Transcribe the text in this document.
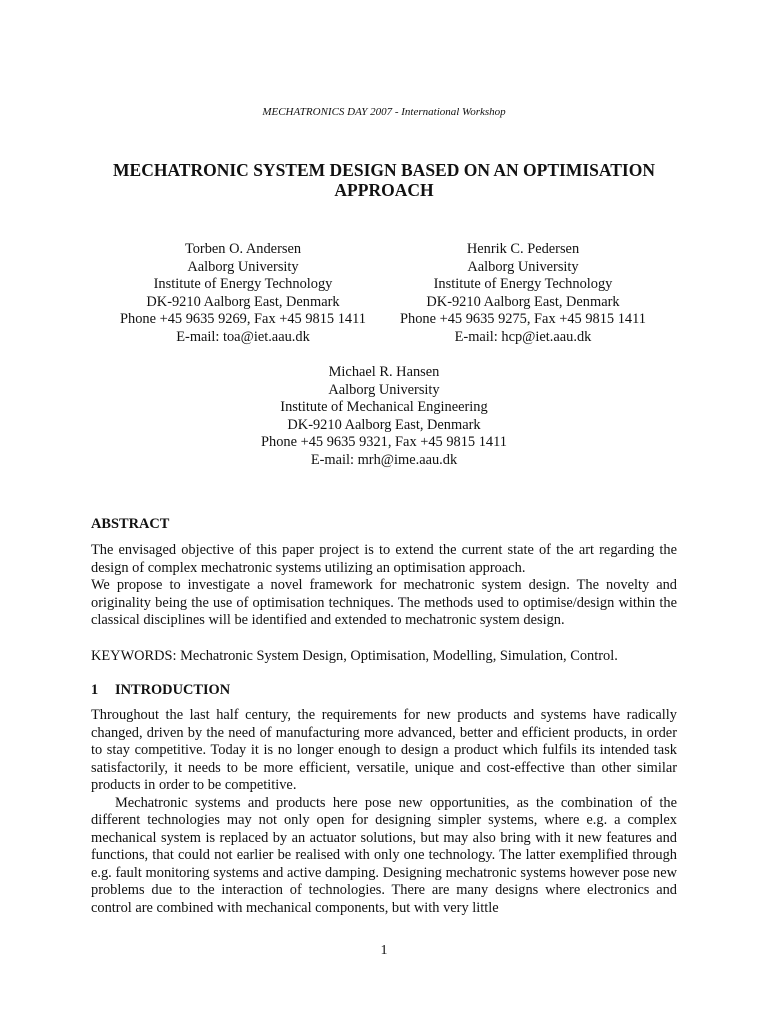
MECHATRONICS DAY 2007 - International Workshop
MECHATRONIC SYSTEM DESIGN BASED ON AN OPTIMISATION
APPROACH
Torben O. Andersen
Aalborg University
Institute of Energy Technology
DK-9210 Aalborg East, Denmark
Phone +45 9635 9269, Fax +45 9815 1411
E-mail: toa@iet.aau.dk
Henrik C. Pedersen
Aalborg University
Institute of Energy Technology
DK-9210 Aalborg East, Denmark
Phone +45 9635 9275, Fax +45 9815 1411
E-mail: hcp@iet.aau.dk
Michael R. Hansen
Aalborg University
Institute of Mechanical Engineering
DK-9210 Aalborg East, Denmark
Phone +45 9635 9321, Fax +45 9815 1411
E-mail: mrh@ime.aau.dk
ABSTRACT

The envisaged objective of this paper project is to extend the current state of the art regarding the design of complex mechatronic systems utilizing an optimisation approach.

We propose to investigate a novel framework for mechatronic system design. The novelty and originality being the use of optimisation techniques. The methods used to optimise/design within the classical disciplines will be identified and extended to mechatronic system design.

KEYWORDS: Mechatronic System Design, Optimisation, Modelling, Simulation, Control.

1 INTRODUCTION

Throughout the last half century, the requirements for new products and systems have radically changed, driven by the need of manufacturing more advanced, better and efficient products, in order to stay competitive. Today it is no longer enough to design a product which fulfils its intended task satisfactorily, it needs to be more efficient, versatile, unique and cost-effective than other similar products in order to be competitive.

Mechatronic systems and products here pose new opportunities, as the combination of the different technologies may not only open for designing simpler systems, where e.g. a complex mechanical system is replaced by an actuator solutions, but may also bring with it new features and functions, that could not earlier be realised with only one technology. The latter exemplified through e.g. fault monitoring systems and active damping. Designing mechatronic systems however pose new problems due to the interaction of technologies. There are many designs where electronics and control are combined with mechanical components, but with very little

1
